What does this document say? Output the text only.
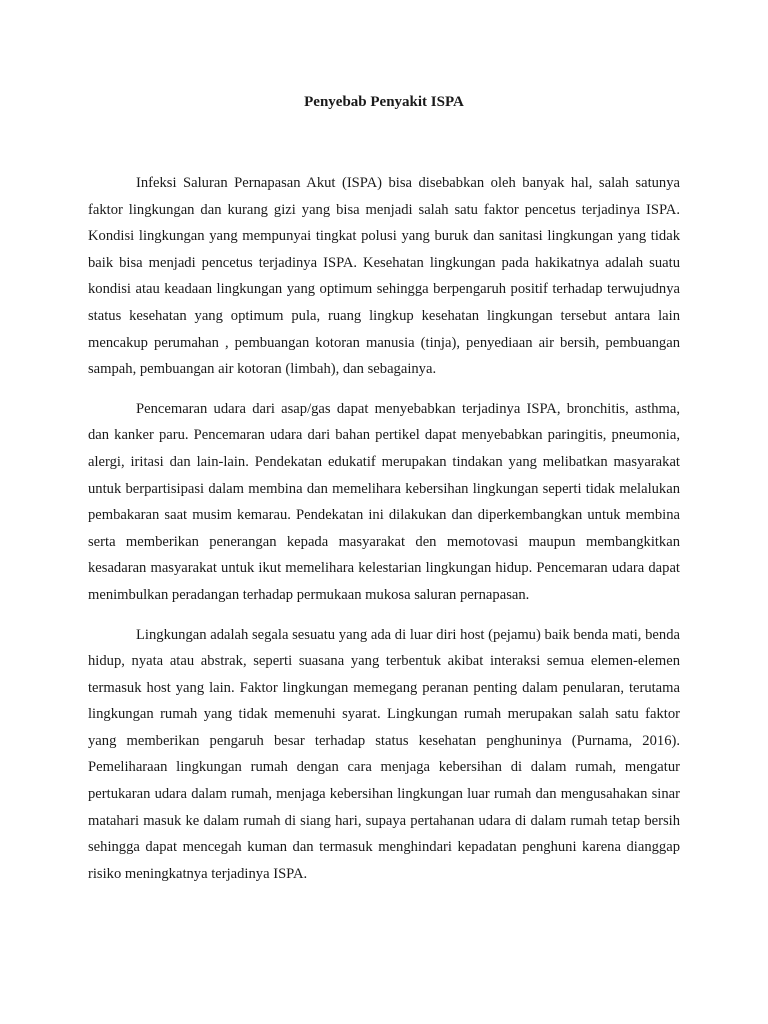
Penyebab Penyakit ISPA

Infeksi Saluran Pernapasan Akut (ISPA) bisa disebabkan oleh banyak hal, salah satunya faktor lingkungan dan kurang gizi yang bisa menjadi salah satu faktor pencetus terjadinya ISPA. Kondisi lingkungan yang mempunyai tingkat polusi yang buruk dan sanitasi lingkungan yang tidak baik bisa menjadi pencetus terjadinya ISPA. Kesehatan lingkungan pada hakikatnya adalah suatu kondisi atau keadaan lingkungan yang optimum sehingga berpengaruh positif terhadap terwujudnya status kesehatan yang optimum pula, ruang lingkup kesehatan lingkungan tersebut antara lain mencakup perumahan , pembuangan kotoran manusia (tinja), penyediaan air bersih, pembuangan sampah, pembuangan air kotoran (limbah), dan sebagainya.

Pencemaran udara dari asap/gas dapat menyebabkan terjadinya ISPA, bronchitis, asthma, dan kanker paru. Pencemaran udara dari bahan pertikel dapat menyebabkan paringitis, pneumonia, alergi, iritasi dan lain-lain. Pendekatan edukatif merupakan tindakan yang melibatkan masyarakat untuk berpartisipasi dalam membina dan memelihara kebersihan lingkungan seperti tidak melalukan pembakaran saat musim kemarau. Pendekatan ini dilakukan dan diperkembangkan untuk membina serta memberikan penerangan kepada masyarakat den memotovasi maupun membangkitkan kesadaran masyarakat untuk ikut memelihara kelestarian lingkungan hidup. Pencemaran udara dapat menimbulkan peradangan terhadap permukaan mukosa saluran pernapasan.

Lingkungan adalah segala sesuatu yang ada di luar diri host (pejamu) baik benda mati, benda hidup, nyata atau abstrak, seperti suasana yang terbentuk akibat interaksi semua elemen-elemen termasuk host yang lain. Faktor lingkungan memegang peranan penting dalam penularan, terutama lingkungan rumah yang tidak memenuhi syarat. Lingkungan rumah merupakan salah satu faktor yang memberikan pengaruh besar terhadap status kesehatan penghuninya (Purnama, 2016). Pemeliharaan lingkungan rumah dengan cara menjaga kebersihan di dalam rumah, mengatur pertukaran udara dalam rumah, menjaga kebersihan lingkungan luar rumah dan mengusahakan sinar matahari masuk ke dalam rumah di siang hari, supaya pertahanan udara di dalam rumah tetap bersih sehingga dapat mencegah kuman dan termasuk menghindari kepadatan penghuni karena dianggap risiko meningkatnya terjadinya ISPA.
